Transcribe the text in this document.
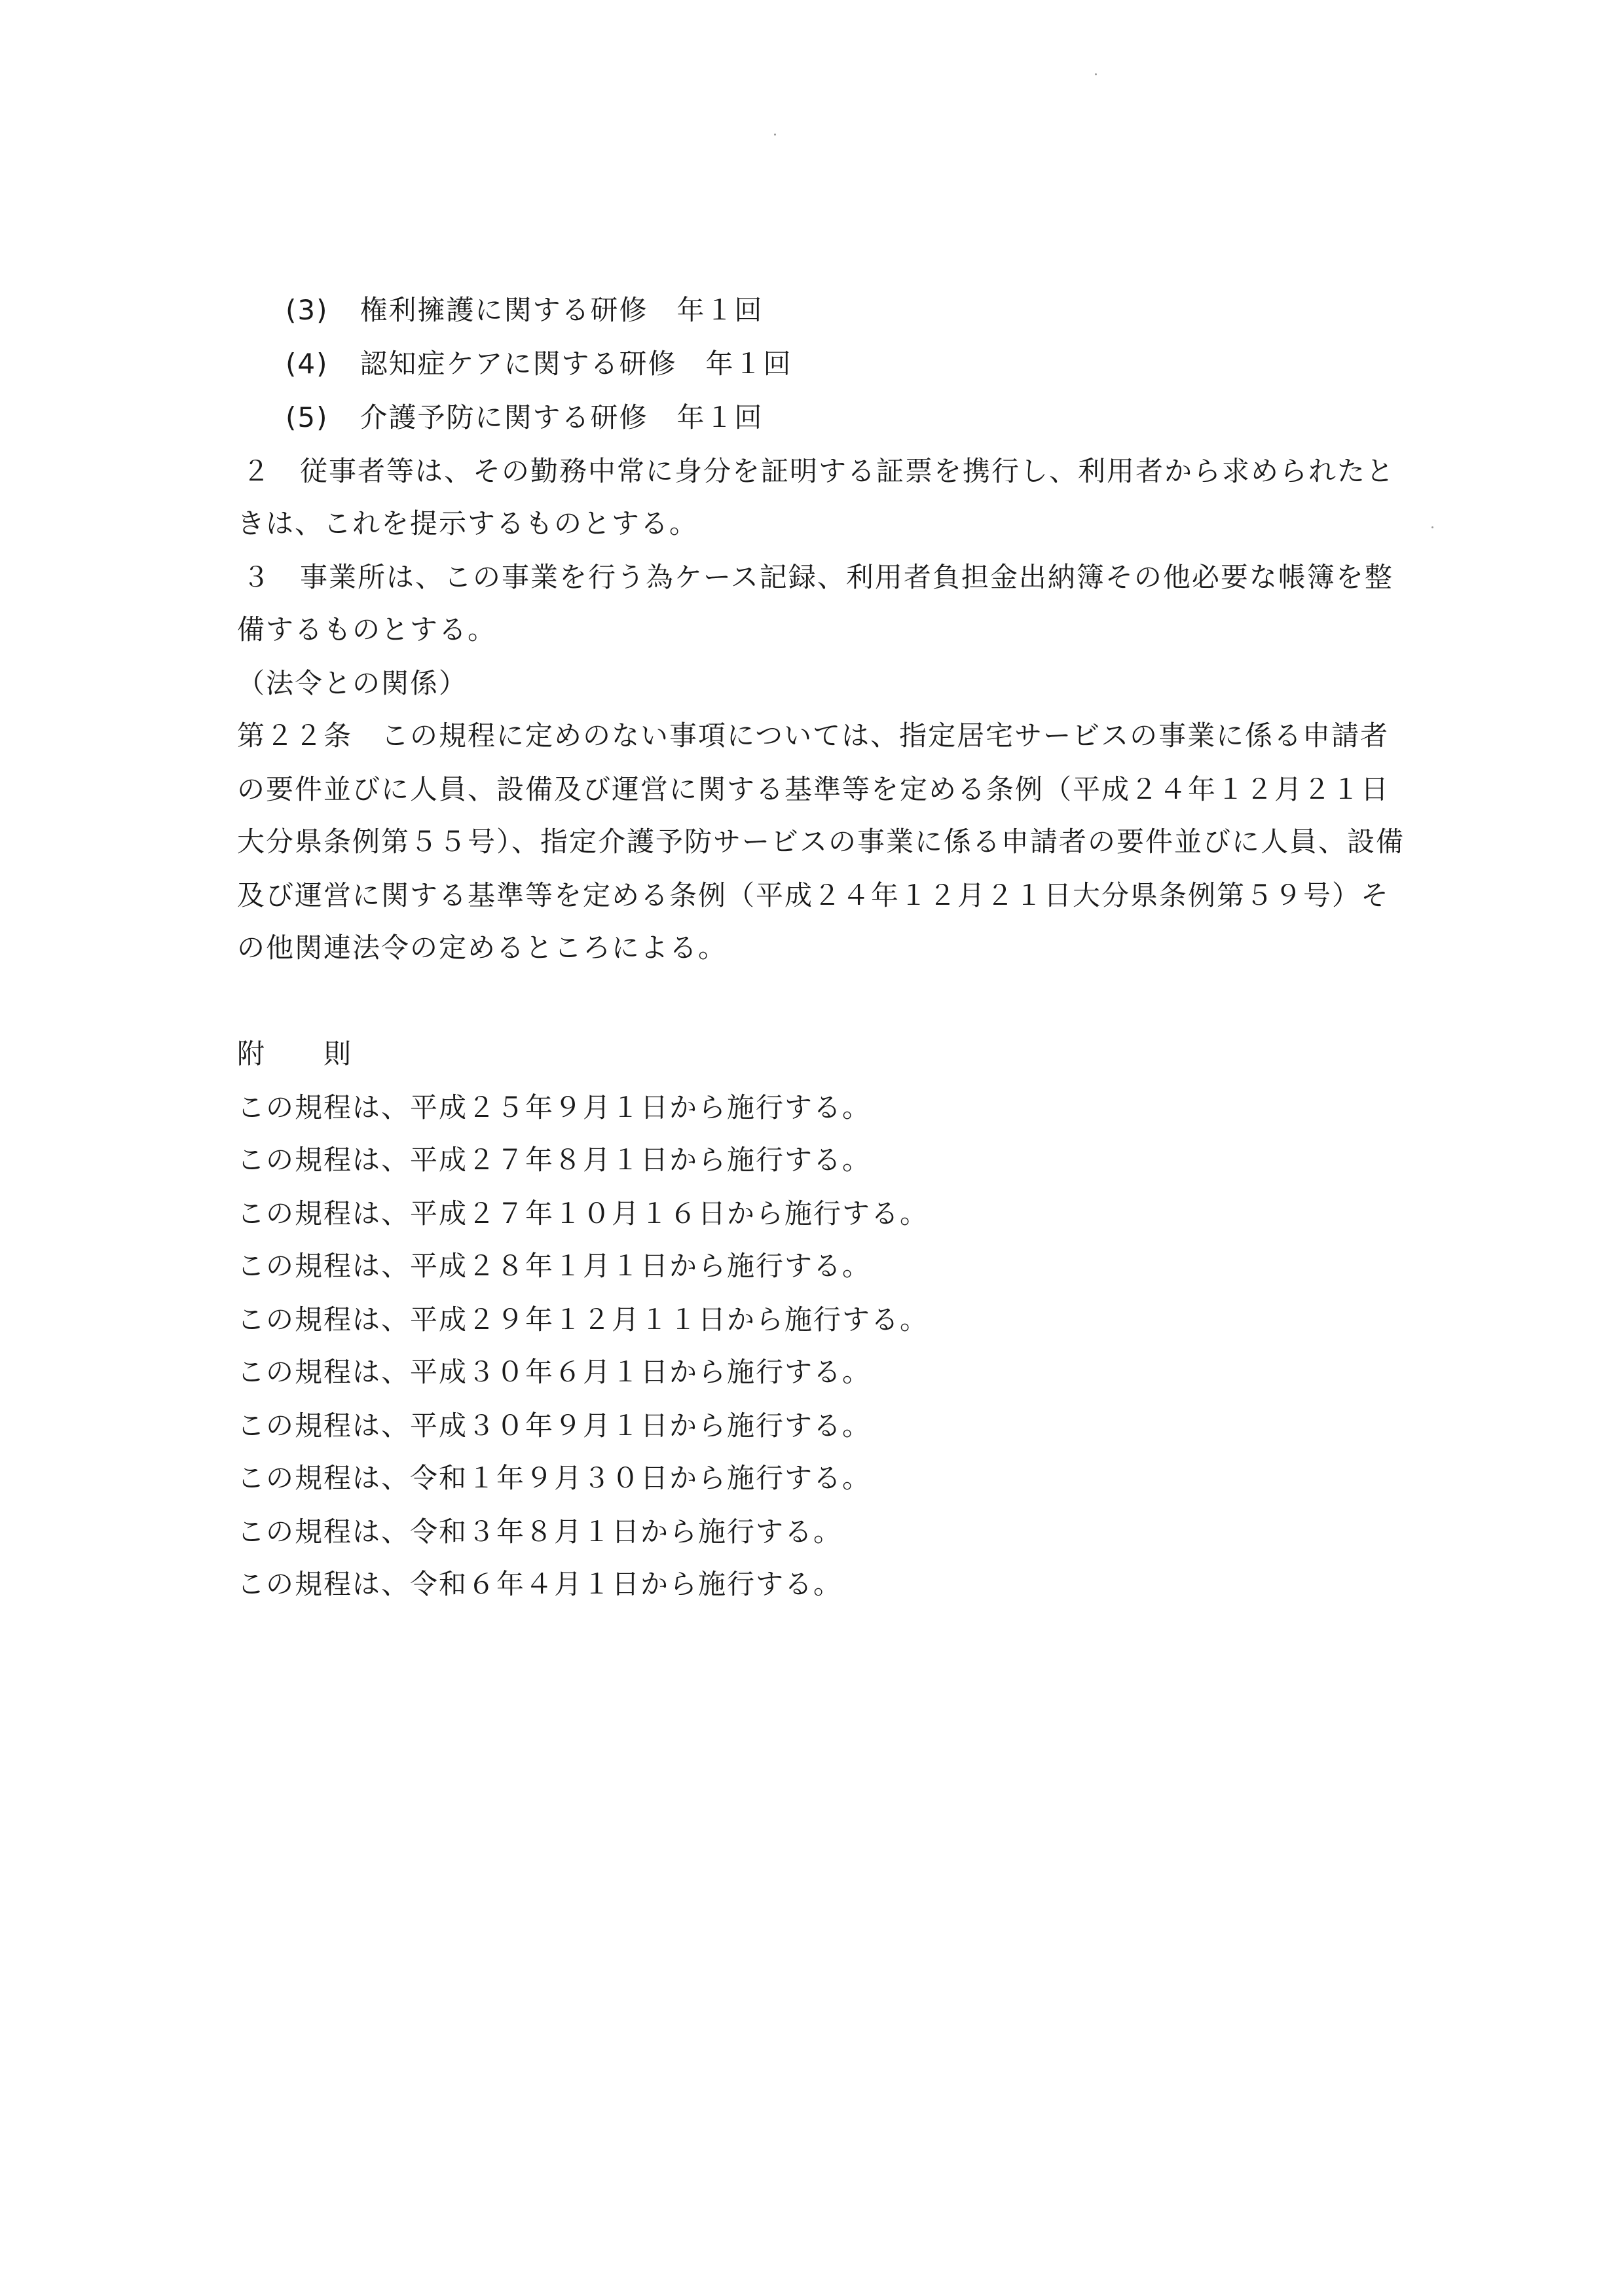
(3) 権利擁護に関する研修　年１回
(4) 認知症ケアに関する研修　年１回
(5) 介護予防に関する研修　年１回
２　従事者等は、その勤務中常に身分を証明する証票を携行し、利用者から求められたと
きは、これを提示するものとする。
３　事業所は、この事業を行う為ケース記録、利用者負担金出納簿その他必要な帳簿を整
備するものとする。
（法令との関係）
第２２条　この規程に定めのない事項については、指定居宅サービスの事業に係る申請者
の要件並びに人員、設備及び運営に関する基準等を定める条例（平成２４年１２月２１日
大分県条例第５５号）、指定介護予防サービスの事業に係る申請者の要件並びに人員、設備
及び運営に関する基準等を定める条例（平成２４年１２月２１日大分県条例第５９号）そ
の他関連法令の定めるところによる。
附　　則
この規程は、平成２５年９月１日から施行する。
この規程は、平成２７年８月１日から施行する。
この規程は、平成２７年１０月１６日から施行する。
この規程は、平成２８年１月１日から施行する。
この規程は、平成２９年１２月１１日から施行する。
この規程は、平成３０年６月１日から施行する。
この規程は、平成３０年９月１日から施行する。
この規程は、令和１年９月３０日から施行する。
この規程は、令和３年８月１日から施行する。
この規程は、令和６年４月１日から施行する。
